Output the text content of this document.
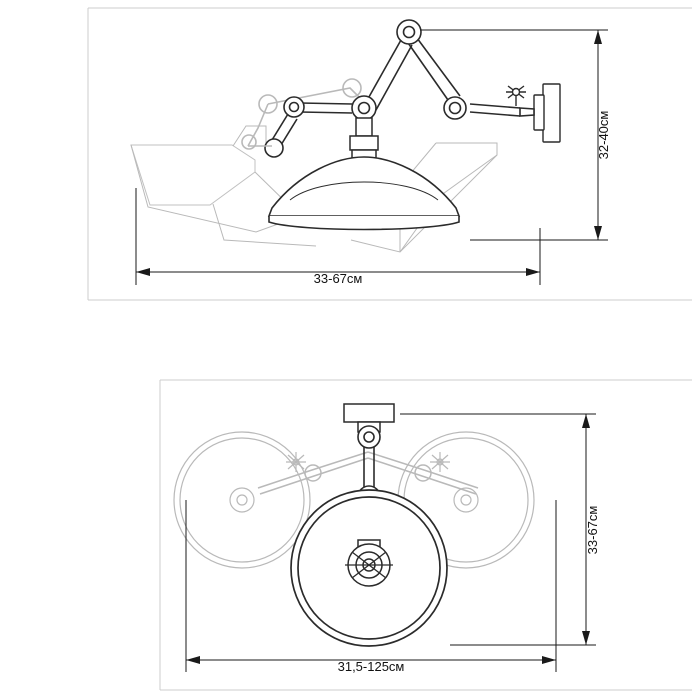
33-67см
32-40см
31,5-125см
33-67см
